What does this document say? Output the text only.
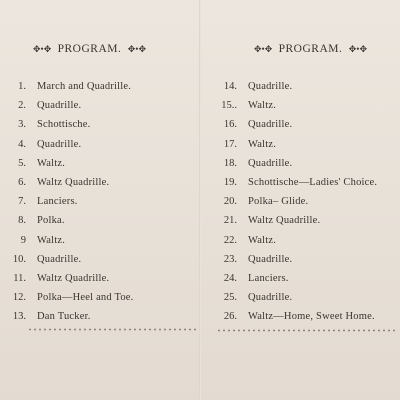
✥•✥ PROGRAM. ✥•✥
1. March and Quadrille.
2. Quadrille.
3. Schottische.
4. Quadrille.
5. Waltz.
6. Waltz Quadrille.
7. Lanciers.
8. Polka.
9 Waltz.
10. Quadrille.
11. Waltz Quadrille.
12. Polka—Heel and Toe.
13. Dan Tucker.
✥•✥ PROGRAM. ✥•✥
14. Quadrille.
15.. Waltz.
16. Quadrille.
17. Waltz.
18. Quadrille.
19. Schottische—Ladies' Choice.
20. Polka– Glide.
21. Waltz Quadrille.
22. Waltz.
23. Quadrille.
24. Lanciers.
25. Quadrille.
26. Waltz—Home, Sweet Home.
